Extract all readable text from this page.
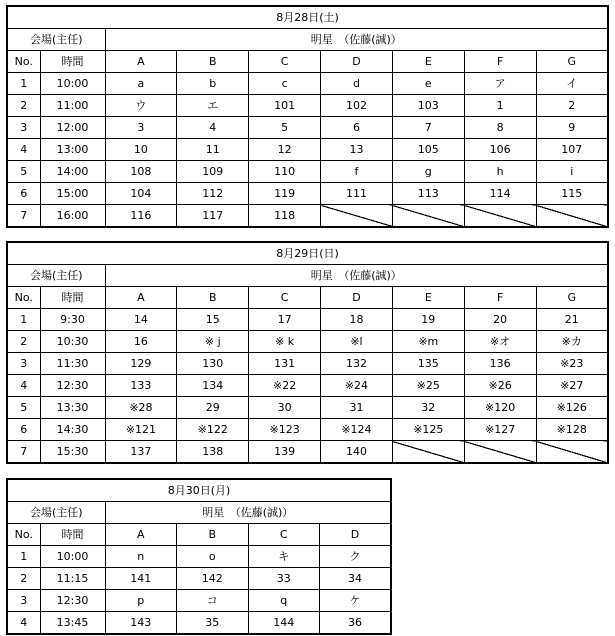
8月28日(土)								
会場(主任)		明星　（佐藤(誠)）						
No.	時間	A	B	C	D	E	F	G
1	10:00	a	b	c	d	e	ア	イ
2	11:00	ウ	エ	101	102	103	1	2
3	12:00	3	4	5	6	7	8	9
4	13:00	10	11	12	13	105	106	107
5	14:00	108	109	110	f	g	h	i
6	15:00	104	112	119	111	113	114	115
7	16:00	116	117	118				
8月29日(日)								
会場(主任)		明星　（佐藤(誠)）						
No.	時間	A	B	C	D	E	F	G
1	9:30	14	15	17	18	19	20	21
2	10:30	16	※ j	※ k	※l	※m	※オ	※カ
3	11:30	129	130	131	132	135	136	※23
4	12:30	133	134	※22	※24	※25	※26	※27
5	13:30	※28	29	30	31	32	※120	※126
6	14:30	※121	※122	※123	※124	※125	※127	※128
7	15:30	137	138	139	140			
8月30日(月)					
会場(主任)		明星　（佐藤(誠)）			
No.	時間	A	B	C	D
1	10:00	n	o	キ	ク
2	11:15	141	142	33	34
3	12:30	p	コ	q	ケ
4	13:45	143	35	144	36
